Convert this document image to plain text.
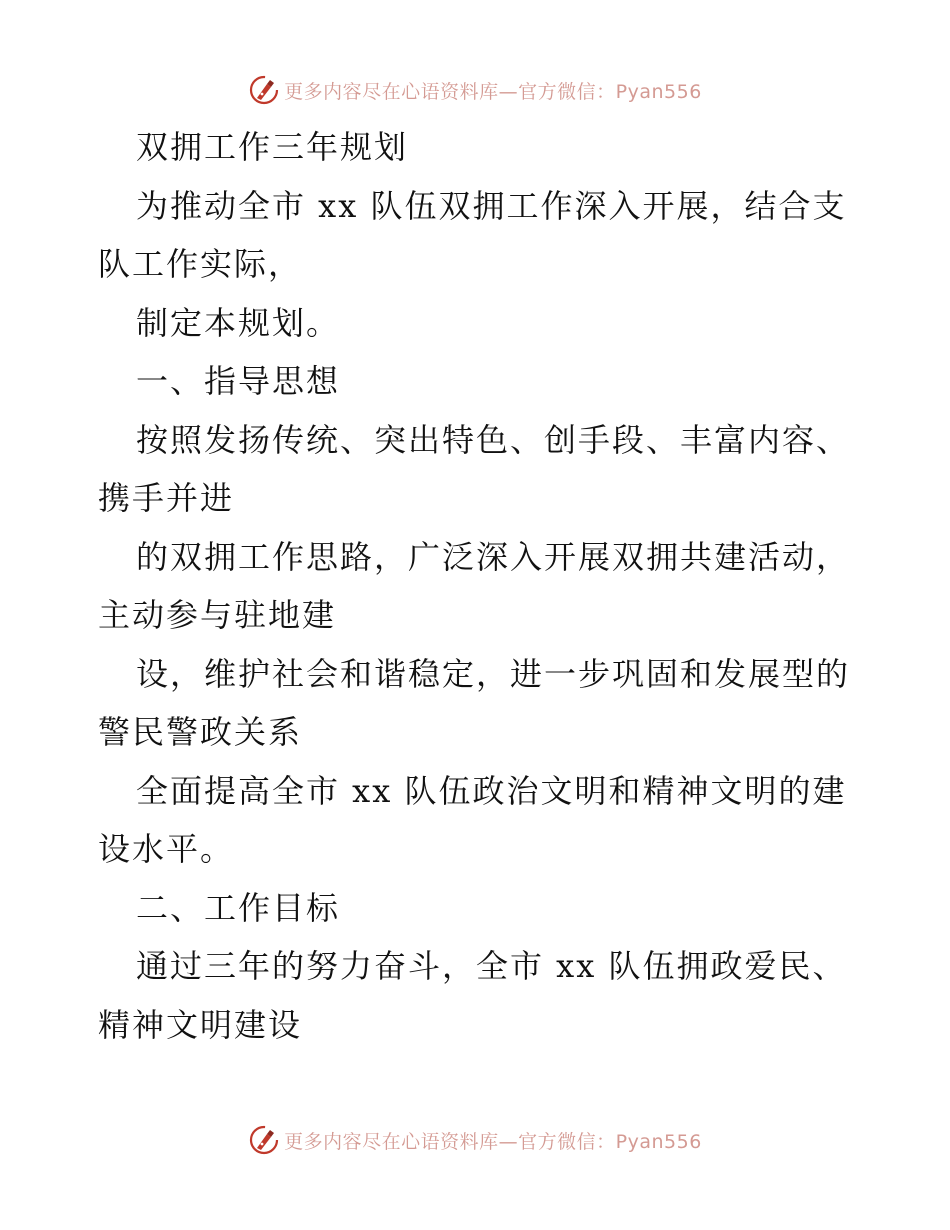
更多内容尽在心语资料库—官方微信：Pyan556
双拥工作三年规划
为推动全市 xx 队伍双拥工作深入开展，结合支
队工作实际，
制定本规划。
一、指导思想
按照发扬传统、突出特色、创手段、丰富内容、
携手并进
的双拥工作思路，广泛深入开展双拥共建活动，
主动参与驻地建
设，维护社会和谐稳定，进一步巩固和发展型的
警民警政关系
全面提高全市 xx 队伍政治文明和精神文明的建
设水平。
二、工作目标
通过三年的努力奋斗，全市 xx 队伍拥政爱民、
精神文明建设
更多内容尽在心语资料库—官方微信：Pyan556
